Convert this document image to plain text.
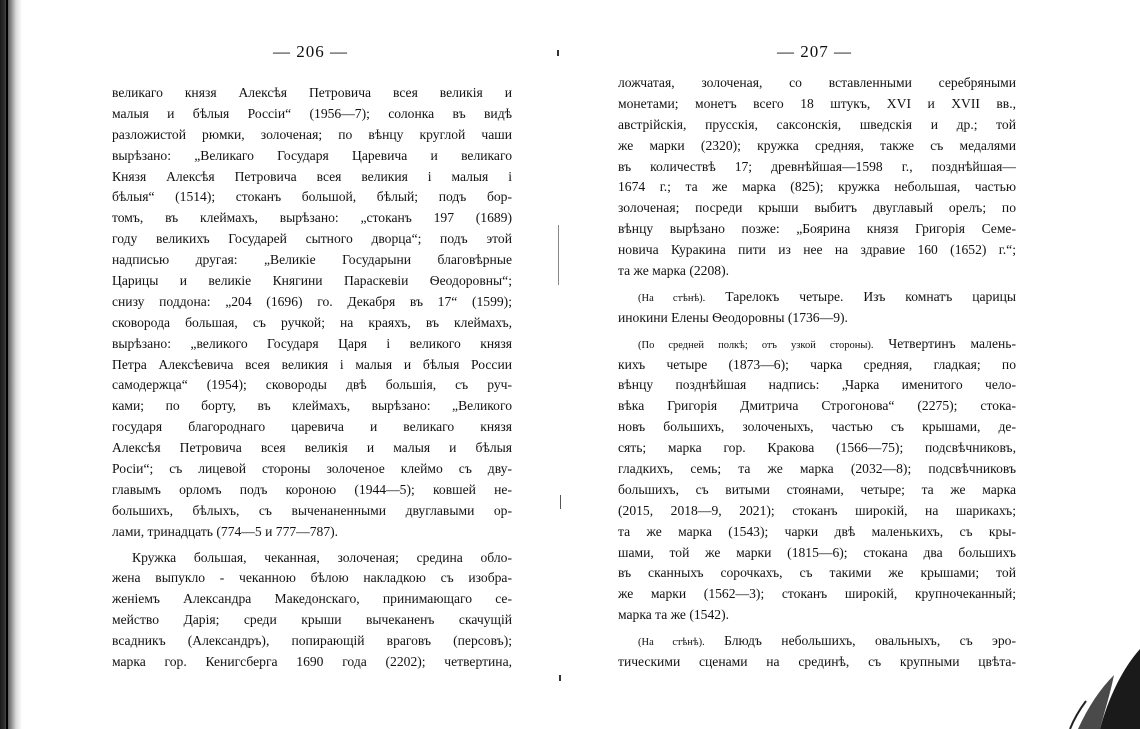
— 206 —	— 207 —
великаго князя Алексѣя Петровича всея великія и
малыя и бѣлыя Россіи“ (1956—7); солонка въ видѣ
разложистой рюмки, золоченая; по вѣнцу круглой чаши
вырѣзано: „Великаго Государя Царевича и великаго
Князя Алексѣя Петровича всея великия і малыя і
бѣлыя“ (1514); стоканъ большой, бѣлый; подъ бор-
томъ, въ клеймахъ, вырѣзано: „стоканъ 197 (1689)
году великихъ Государей сытного дворца“; подъ этой
надписью другая: „Великіе Государыни благовѣрные
Царицы и великіе Княгини Параскевіи Ѳеодоровны“;
снизу поддона: „204 (1696) го. Декабря въ 17“ (1599);
сковорода большая, съ ручкой; на краяхъ, въ клеймахъ,
вырѣзано: „великого Государя Царя і великого князя
Петра Алексѣевича всея великия і малыя и бѣлыя России
самодержца“ (1954); сковороды двѣ большія, съ руч-
ками; по борту, въ клеймахъ, вырѣзано: „Великого
государя благороднаго царевича и великаго князя
Алексѣя Петровича всея великія и малыя и бѣлыя
Росіи“; съ лицевой стороны золоченое клеймо съ дву-
главымъ орломъ подъ короною (1944—5); ковшей не-
большихъ, бѣлыхъ, съ выченаненными двуглавыми ор-
лами, тринадцать (774—5 и 777—787).
Кружка большая, чеканная, золоченая; средина обло-
жена выпукло - чеканною бѣлою накладкою съ изобра-
женіемъ Александра Македонскаго, принимающаго се-
мейство Дарія; среди крыши вычеканенъ скачущій
всадникъ (Александръ), попирающій враговъ (персовъ);
марка гор. Кенигсберга 1690 года (2202); четвертина,
ложчатая, золоченая, со вставленными серебряными
монетами; монетъ всего 18 штукъ, XVI и XVII вв.,
австрійскія, прусскія, саксонскія, шведскія и др.; той
же марки (2320); кружка средняя, также съ медалями
въ количествѣ 17; древнѣйшая—1598 г., позднѣйшая—
1674 г.; та же марка (825); кружка небольшая, частью
золоченая; посреди крыши выбитъ двуглавый орелъ; по
вѣнцу вырѣзано позже: „Боярина князя Григорія Семе-
новича Куракина пити из нее на здравие 160 (1652) г.“;
та же марка (2208).
(На стѣнѣ). Тарелокъ четыре. Изъ комнатъ царицы
инокини Елены Ѳеодоровны (1736—9).
(По средней полкѣ; отъ узкой стороны). Четвертинъ малень-
кихъ четыре (1873—6); чарка средняя, гладкая; по
вѣнцу позднѣйшая надпись: „Чарка именитого чело-
вѣка Григорія Дмитрича Строгонова“ (2275); стока-
новъ большихъ, золоченыхъ, частью съ крышами, де-
сять; марка гор. Кракова (1566—75); подсвѣчниковъ,
гладкихъ, семь; та же марка (2032—8); подсвѣчниковъ
большихъ, съ витыми стоянами, четыре; та же марка
(2015, 2018—9, 2021); стоканъ широкій, на шарикахъ;
та же марка (1543); чарки двѣ маленькихъ, съ кры-
шами, той же марки (1815—6); стокана два большихъ
въ сканныхъ сорочкахъ, съ такими же крышами; той
же марки (1562—3); стоканъ широкій, крупночеканный;
марка та же (1542).
(На стѣнѣ). Блюдъ небольшихъ, овальныхъ, съ эро-
тическими сценами на срединѣ, съ крупными цвѣта-
